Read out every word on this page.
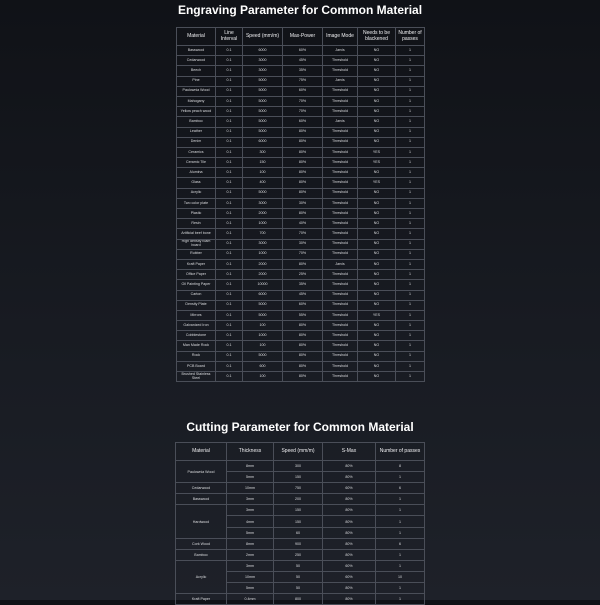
Engraving Parameter for Common Material
Material	Line Interval	Speed (mm/m)	Max-Power	Image Mode	Needs to be blackened	Number of passes
Basswood	0.1	6000	60%	Jarvis	NO	1
Cedarwood	0.1	3000	45%	Threshold	NO	1
Beech	0.1	3000	35%	Threshold	NO	1
Pine	0.1	5000	75%	Jarvis	NO	1
Paulownia Wood	0.1	5000	60%	Threshold	NO	1
Mahogany	0.1	5000	70%	Threshold	NO	1
Yellow peach wood	0.1	5000	70%	Threshold	NO	1
Bamboo	0.1	5000	60%	Jarvis	NO	1
Leather	0.1	5000	80%	Threshold	NO	1
Denim	0.1	6000	80%	Threshold	NO	1
Ceramics	0.1	300	80%	Threshold	YES	1
Ceramic Tile	0.1	150	80%	Threshold	YES	1
Alumina	0.1	100	80%	Threshold	NO	1
Glass	0.1	400	80%	Threshold	YES	1
Acrylic	0.1	5000	80%	Threshold	NO	1
Two color plate	0.1	3000	30%	Threshold	NO	1
Plastic	0.1	2000	80%	Threshold	NO	1
Resin	0.1	1000	40%	Threshold	NO	1
Artificial beef bone	0.1	700	70%	Threshold	NO	1
High density foam board	0.1	3000	30%	Threshold	NO	1
Rubber	0.1	1000	70%	Threshold	NO	1
Kraft Paper	0.1	2000	80%	Jarvis	NO	1
Office Paper	0.1	2000	25%	Threshold	NO	1
Oil Painting Paper	0.1	10000	35%	Threshold	NO	1
Carton	0.1	6000	45%	Threshold	NO	1
Density Plate	0.1	5000	60%	Threshold	NO	1
Mirrors	0.1	5000	55%	Threshold	YES	1
Galvanized Iron	0.1	100	80%	Threshold	NO	1
Cobblestone	0.1	1000	80%	Threshold	NO	1
Man Made Rock	0.1	100	80%	Threshold	NO	1
Rock	0.1	5000	80%	Threshold	NO	1
PCB Board	0.1	600	80%	Threshold	NO	1
Brushed Stainless Steel	0.1	100	80%	Threshold	NO	1
Cutting Parameter for Common Material
Material	Thickness	Speed (mm/m)	S-Max	Number of passes
Paulownia Wood	8mm	300	80%	8
	5mm	150	80%	1
Cedarwood	10mm	750	60%	6
Basswood	3mm	200	80%	1
Hardwood	3mm	150	80%	1
	4mm	150	80%	1
	5mm	60	80%	1
Cork Wood	8mm	900	80%	6
Bamboo	2mm	250	80%	1
Acrylic	3mm	50	60%	1
	10mm	50	60%	10
	5mm	50	80%	1
Kraft Paper	0.4mm	800	80%	1
